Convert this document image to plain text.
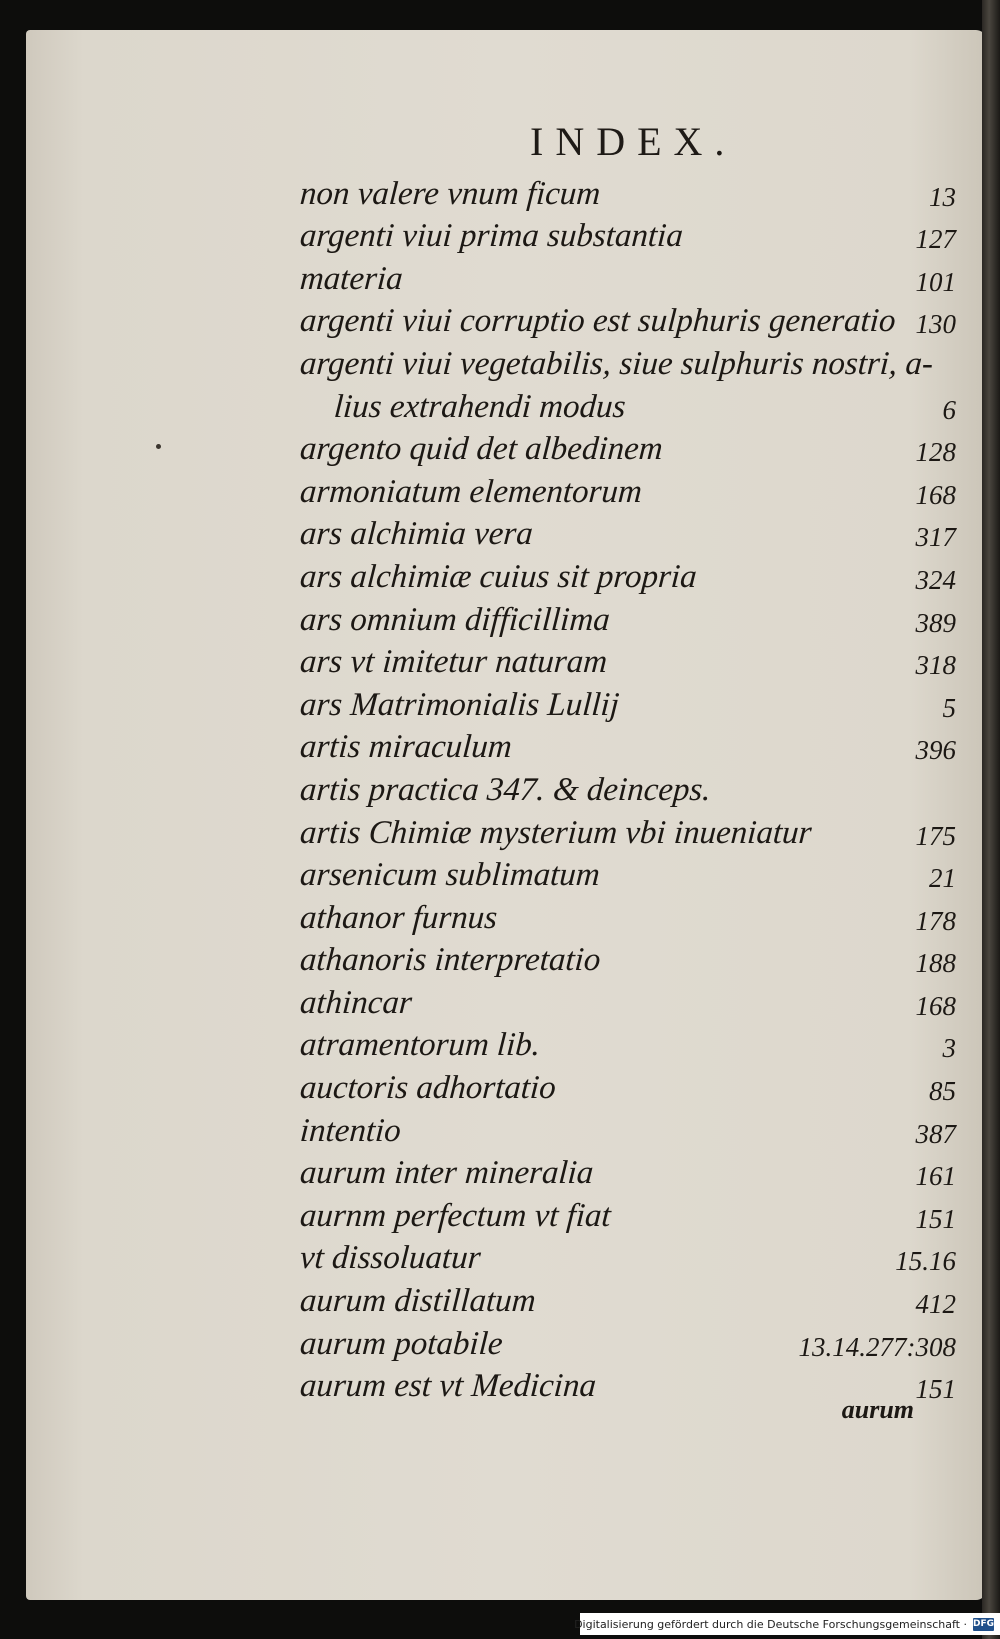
INDEX.
non valere vnum ficum	13
argenti viui prima substantia	127
materia	101
argenti viui corruptio est sulphuris generatio 130
argenti viui vegetabilis, siue sulphuris nostri, a-
lius extrahendi modus	6
argento quid det albedinem	128
armoniatum elementorum	168
ars alchimia vera	317
ars alchimiæ cuius sit propria	324
ars omnium difficillima	389
ars vt imitetur naturam	318
ars Matrimonialis Lullij	5
artis miraculum	396
artis practica 347. & deinceps.
artis Chimiæ mysterium vbi inueniatur	175
arsenicum sublimatum	21
athanor furnus	178
athanoris interpretatio	188
athincar	168
atramentorum lib.	3
auctoris adhortatio	85
intentio	387
aurum inter mineralia	161
aurnm perfectum vt fiat	151
vt dissoluatur	15.16
aurum distillatum	412
aurum potabile	13.14.277:308
aurum est vt Medicina	151
aurum
Digitalisierung gefördert durch die Deutsche Forschungsgemeinschaft · DFG
